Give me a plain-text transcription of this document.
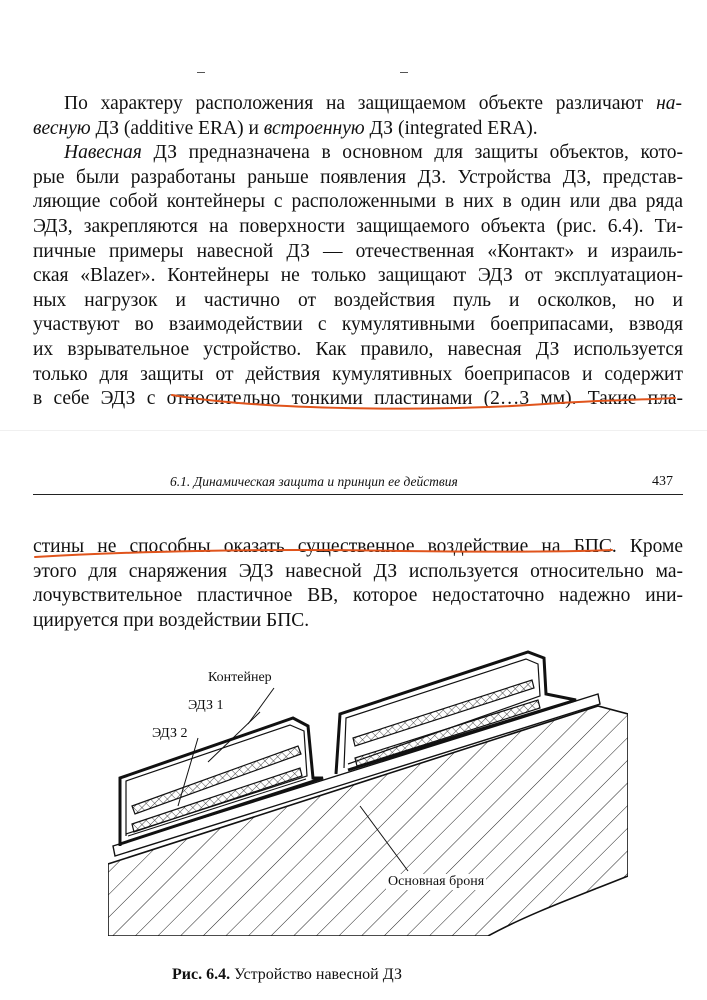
По характеру расположения на защищаемом объекте различают на-
весную ДЗ (additive ERA) и встроенную ДЗ (integrated ERA).
Навесная ДЗ предназначена в основном для защиты объектов, кото-
рые были разработаны раньше появления ДЗ. Устройства ДЗ, представ-
ляющие собой контейнеры с расположенными в них в один или два ряда
ЭДЗ, закрепляются на поверхности защищаемого объекта (рис. 6.4). Ти-
пичные примеры навесной ДЗ — отечественная «Контакт» и израиль-
ская «Blazer». Контейнеры не только защищают ЭДЗ от эксплуатацион-
ных нагрузок и частично от воздействия пуль и осколков, но и
участвуют во взаимодействии с кумулятивными боеприпасами, взводя
их взрывательное устройство. Как правило, навесная ДЗ используется
только для защиты от действия кумулятивных боеприпасов и содержит
в себе ЭДЗ с относительно тонкими пластинами (2…3 мм). Такие пла-
6.1. Динамическая защита и принцип ее действия	437
стины не способны оказать существенное воздействие на БПС. Кроме
этого для снаряжения ЭДЗ навесной ДЗ используется относительно ма-
лочувствительное пластичное ВВ, которое недостаточно надежно ини-
циируется при воздействии БПС.
Контейнер
ЭДЗ 1
ЭДЗ 2
Основная броня
Рис. 6.4. Устройство навесной ДЗ
